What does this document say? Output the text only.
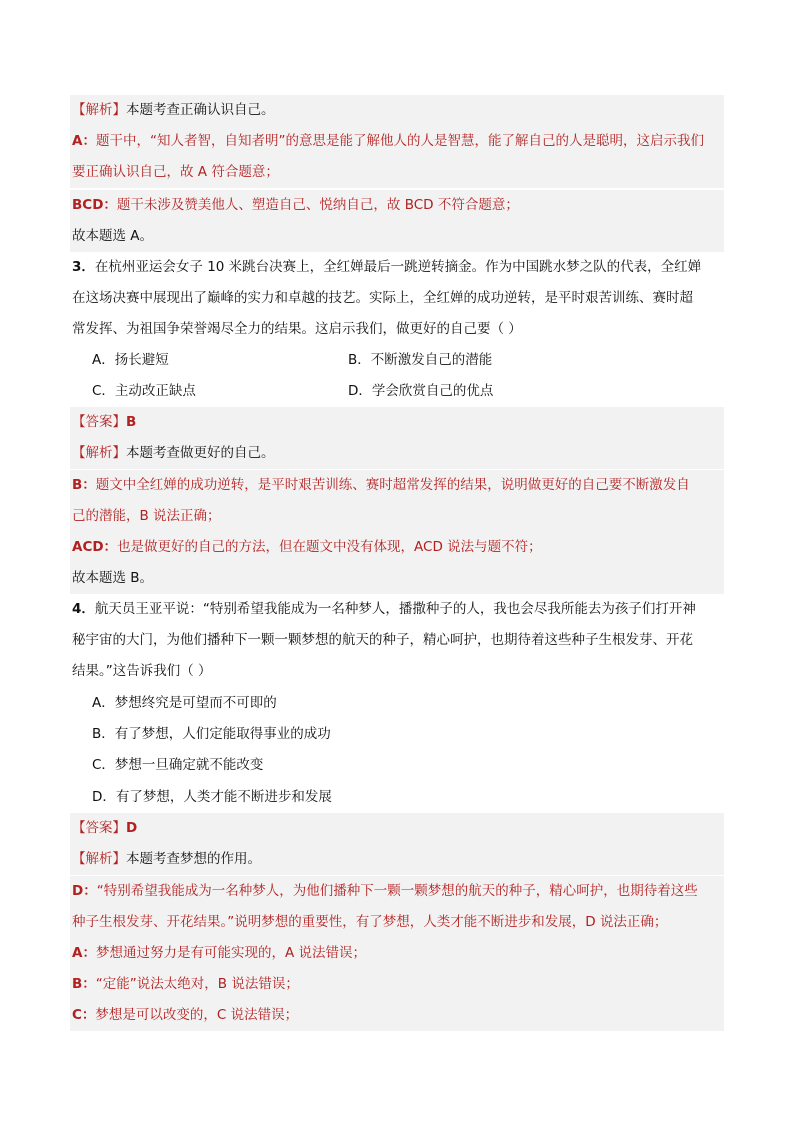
【解析】本题考查正确认识自己。
A：题干中，“知人者智，自知者明”的意思是能了解他人的人是智慧，能了解自己的人是聪明，这启示我们
要正确认识自己，故 A 符合题意；
BCD：题干未涉及赞美他人、塑造自己、悦纳自己，故 BCD 不符合题意；
故本题选 A。
3．在杭州亚运会女子 10 米跳台决赛上，全红婵最后一跳逆转摘金。作为中国跳水梦之队的代表，全红婵
在这场决赛中展现出了巅峰的实力和卓越的技艺。实际上，全红婵的成功逆转，是平时艰苦训练、赛时超
常发挥、为祖国争荣誉竭尽全力的结果。这启示我们，做更好的自己要（ ）
A．扬长避短	B．不断激发自己的潜能
C．主动改正缺点	D．学会欣赏自己的优点
【答案】B
【解析】本题考查做更好的自己。
B：题文中全红婵的成功逆转，是平时艰苦训练、赛时超常发挥的结果，说明做更好的自己要不断激发自
己的潜能，B 说法正确；
ACD：也是做更好的自己的方法，但在题文中没有体现，ACD 说法与题不符；
故本题选 B。
4．航天员王亚平说：“特别希望我能成为一名种梦人，播撒种子的人，我也会尽我所能去为孩子们打开神
秘宇宙的大门，为他们播种下一颗一颗梦想的航天的种子，精心呵护，也期待着这些种子生根发芽、开花
结果。”这告诉我们（ ）
A．梦想终究是可望而不可即的
B．有了梦想，人们定能取得事业的成功
C．梦想一旦确定就不能改变
D．有了梦想，人类才能不断进步和发展
【答案】D
【解析】本题考查梦想的作用。
D：“特别希望我能成为一名种梦人，为他们播种下一颗一颗梦想的航天的种子，精心呵护，也期待着这些
种子生根发芽、开花结果。”说明梦想的重要性，有了梦想，人类才能不断进步和发展，D 说法正确；
A：梦想通过努力是有可能实现的，A 说法错误；
B：“定能”说法太绝对，B 说法错误；
C：梦想是可以改变的，C 说法错误；
